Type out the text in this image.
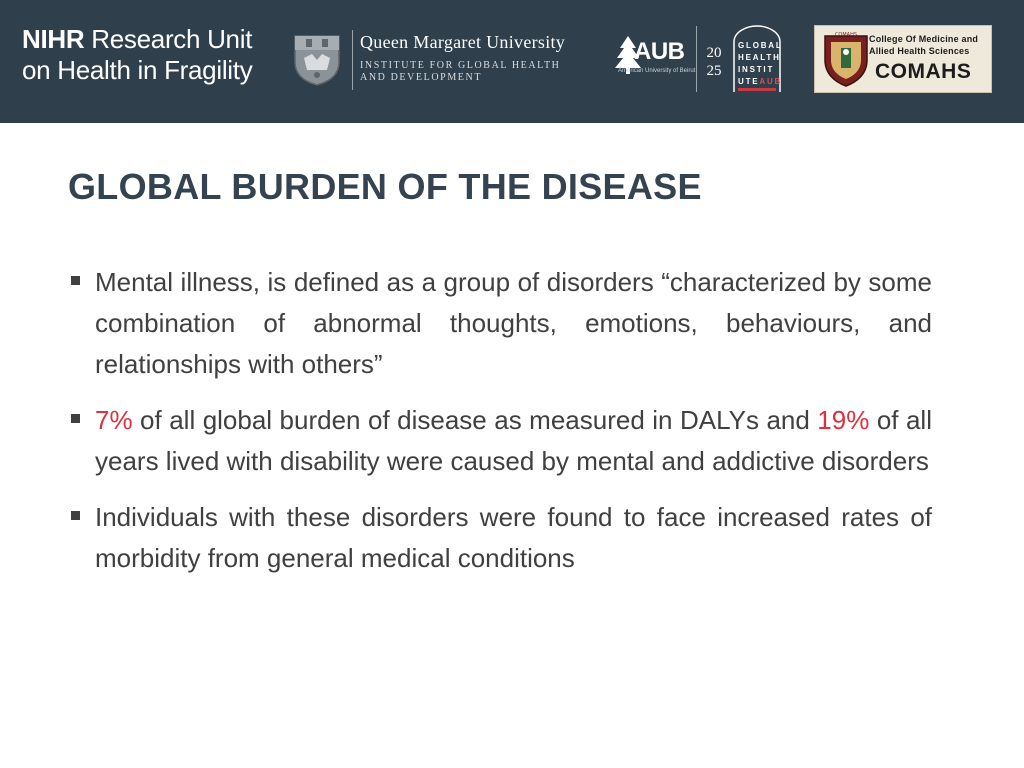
NIHR Research Unit
on Health in Fragility
Queen Margaret University
INSTITUTE FOR GLOBAL HEALTH
AND DEVELOPMENT
AUB
American University of Beirut
20
25
GLOBAL
HEALTH
INSTIT
UTEAUB
COMAHS College Of Medicine and
Allied Health Sciences
COMAHS
GLOBAL BURDEN OF THE DISEASE
Mental illness, is defined as a group of disorders “characterized by some combination of abnormal thoughts, emotions, behaviours, and relationships with others”
7% of all global burden of disease as measured in DALYs and 19% of all years lived with disability were caused by mental and addictive disorders
Individuals with these disorders were found to face increased rates of morbidity from general medical conditions
